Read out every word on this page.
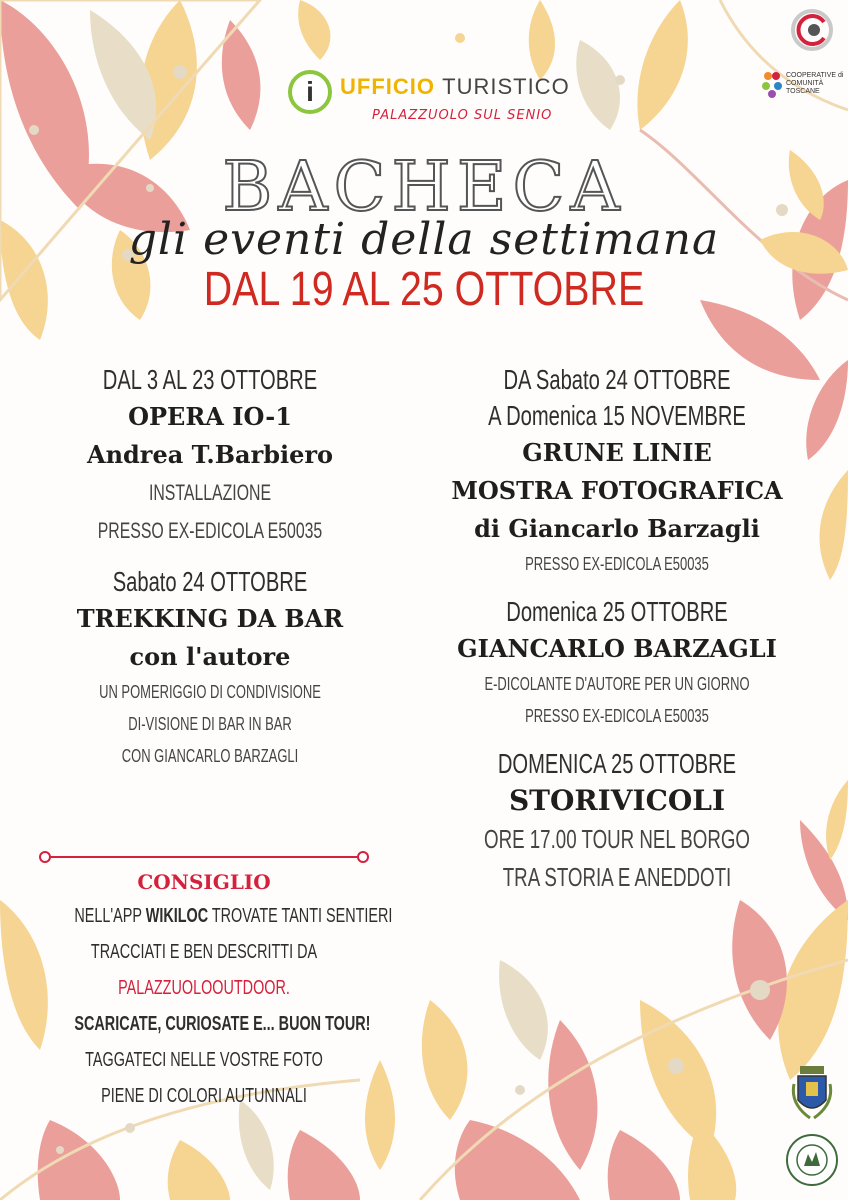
i	UFFICIO TURISTICO
PALAZZUOLO SUL SENIO
COOPERATIVE di COMUNITÀ TOSCANE
BACHECA
gli eventi della settimana
DAL 19 AL 25 OTTOBRE
DAL 3 AL 23 OTTOBRE
OPERA IO-1
Andrea T.Barbiero
INSTALLAZIONE
PRESSO EX-EDICOLA E50035
Sabato 24 OTTOBRE
TREKKING DA BAR
con l'autore
UN POMERIGGIO DI CONDIVISIONE
DI-VISIONE DI BAR IN BAR
CON GIANCARLO BARZAGLI
CONSIGLIO
NELL'APP WIKILOC TROVATE TANTI SENTIERI
TRACCIATI E BEN DESCRITTI DA
PALAZZUOLOOUTDOOR.
SCARICATE, CURIOSATE E... BUON TOUR!
TAGGATECI NELLE VOSTRE FOTO
PIENE DI COLORI AUTUNNALI
DA Sabato 24 OTTOBRE
A Domenica 15 NOVEMBRE
GRUNE LINIE
MOSTRA FOTOGRAFICA
di Giancarlo Barzagli
PRESSO EX-EDICOLA E50035
Domenica 25 OTTOBRE
GIANCARLO BARZAGLI
E-DICOLANTE D'AUTORE PER UN GIORNO
PRESSO EX-EDICOLA E50035
DOMENICA 25 OTTOBRE
STORIVICOLI
ORE 17.00 TOUR NEL BORGO
TRA STORIA E ANEDDOTI
